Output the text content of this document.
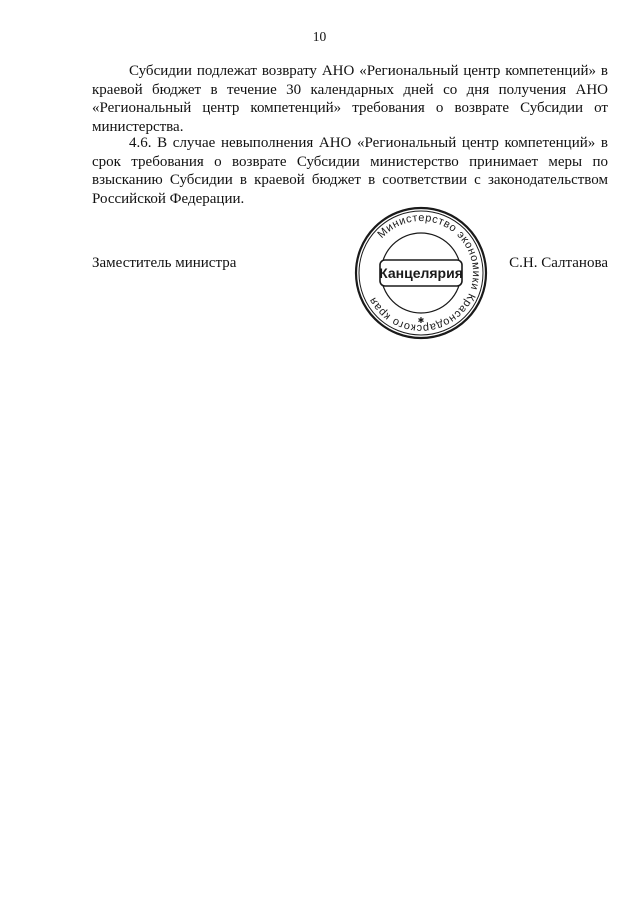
10

Субсидии подлежат возврату АНО «Региональный центр компетенций» в краевой бюджет в течение 30 календарных дней со дня получения АНО «Региональный центр компетенций» требования о возврате Субсидии от министерства.

4.6. В случае невыполнения АНО «Региональный центр компетенций» в срок требования о возврате Субсидии министерство принимает меры по взысканию Субсидии в краевой бюджет в соответствии с законодательством Российской Федерации.

Заместитель министра	С.Н. Салтанова
Министерство экономики Краснодарского края
Канцелярия
✱
